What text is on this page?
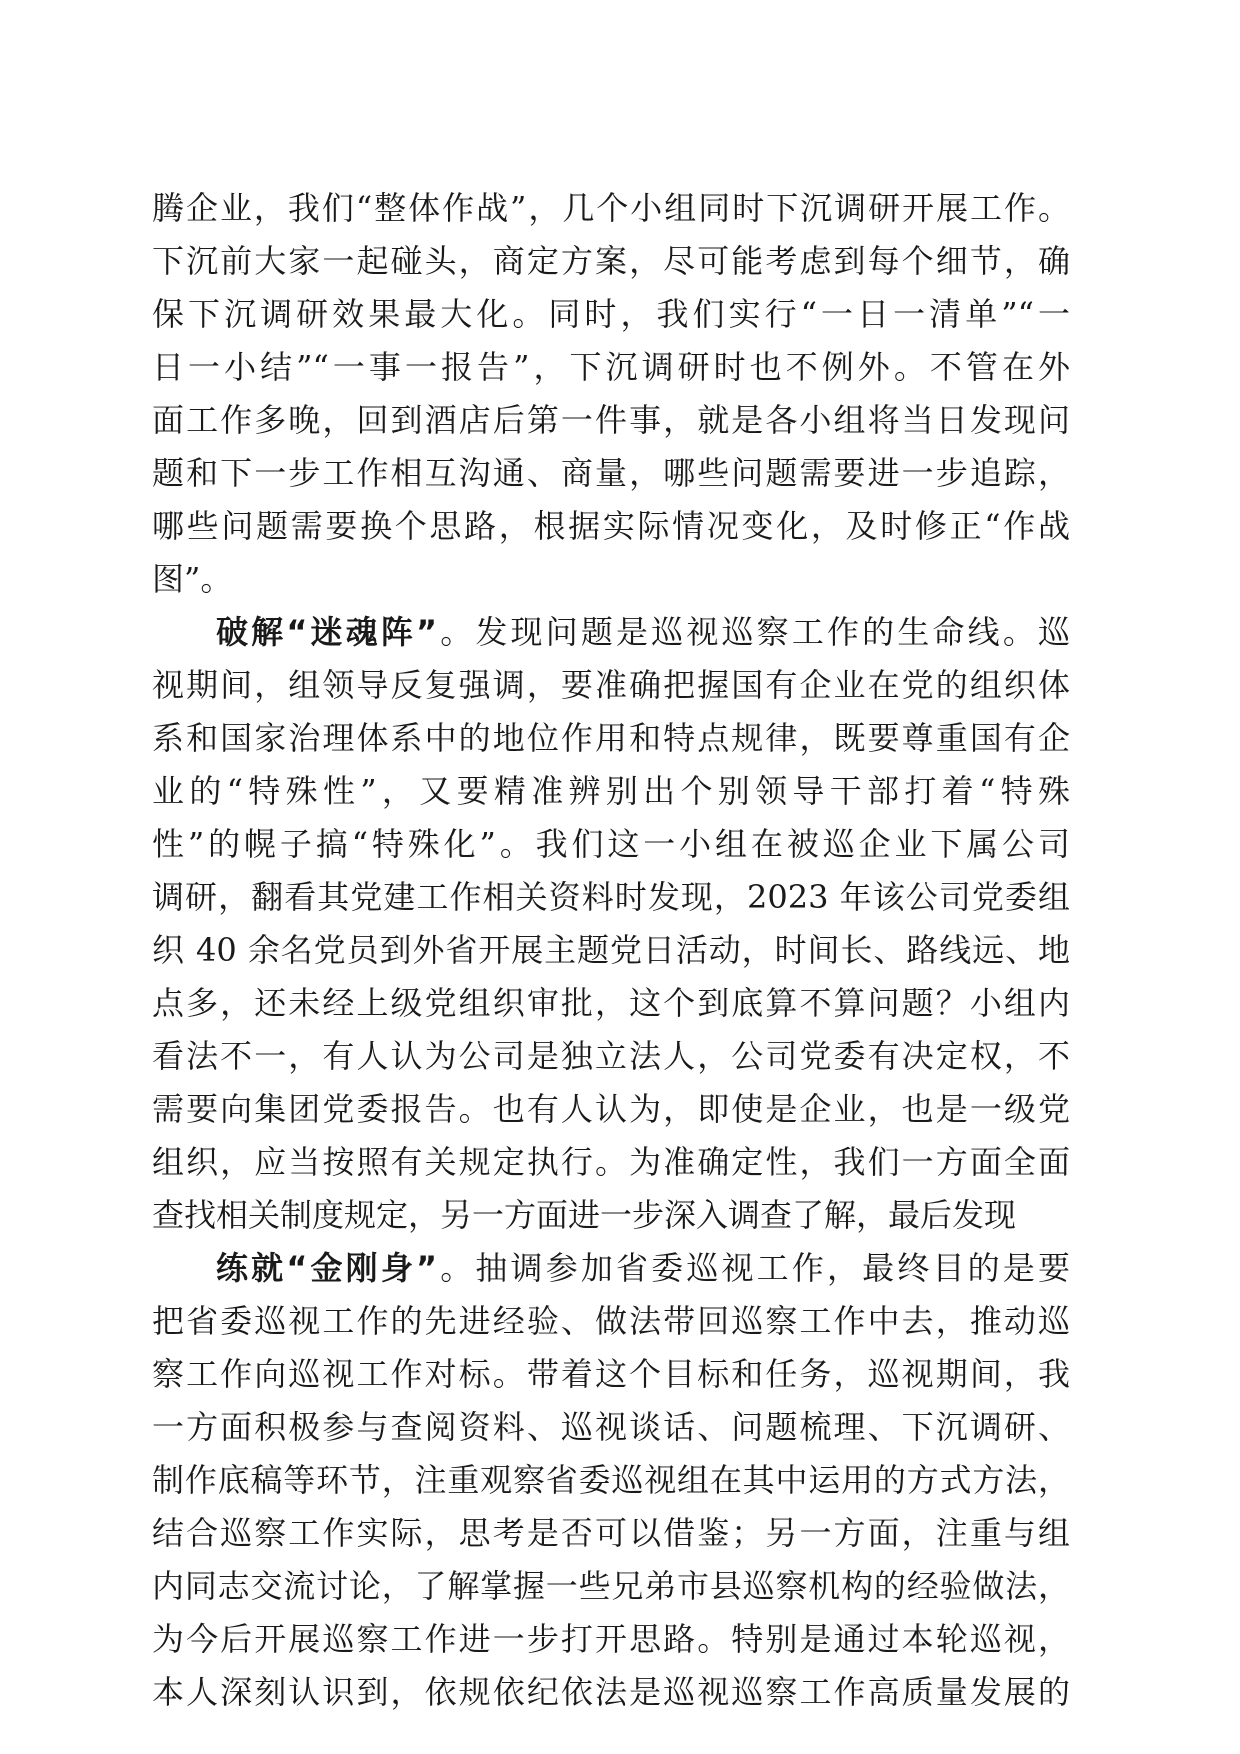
腾企业，我们“整体作战”，几个小组同时下沉调研开展工作。
下沉前大家一起碰头，商定方案，尽可能考虑到每个细节，确
保下沉调研效果最大化。同时，我们实行“一日一清单”“一
日一小结”“一事一报告”，下沉调研时也不例外。不管在外
面工作多晚，回到酒店后第一件事，就是各小组将当日发现问
题和下一步工作相互沟通、商量，哪些问题需要进一步追踪，
哪些问题需要换个思路，根据实际情况变化，及时修正“作战
图”。
破解“迷魂阵”。发现问题是巡视巡察工作的生命线。巡
视期间，组领导反复强调，要准确把握国有企业在党的组织体
系和国家治理体系中的地位作用和特点规律，既要尊重国有企
业的“特殊性”，又要精准辨别出个别领导干部打着“特殊
性”的幌子搞“特殊化”。我们这一小组在被巡企业下属公司
调研，翻看其党建工作相关资料时发现，2023 年该公司党委组
织 40 余名党员到外省开展主题党日活动，时间长、路线远、地
点多，还未经上级党组织审批，这个到底算不算问题？小组内
看法不一，有人认为公司是独立法人，公司党委有决定权，不
需要向集团党委报告。也有人认为，即使是企业，也是一级党
组织，应当按照有关规定执行。为准确定性，我们一方面全面
查找相关制度规定，另一方面进一步深入调查了解，最后发现
练就“金刚身”。抽调参加省委巡视工作，最终目的是要
把省委巡视工作的先进经验、做法带回巡察工作中去，推动巡
察工作向巡视工作对标。带着这个目标和任务，巡视期间，我
一方面积极参与查阅资料、巡视谈话、问题梳理、下沉调研、
制作底稿等环节，注重观察省委巡视组在其中运用的方式方法，
结合巡察工作实际，思考是否可以借鉴；另一方面，注重与组
内同志交流讨论，了解掌握一些兄弟市县巡察机构的经验做法，
为今后开展巡察工作进一步打开思路。特别是通过本轮巡视，
本人深刻认识到，依规依纪依法是巡视巡察工作高质量发展的
